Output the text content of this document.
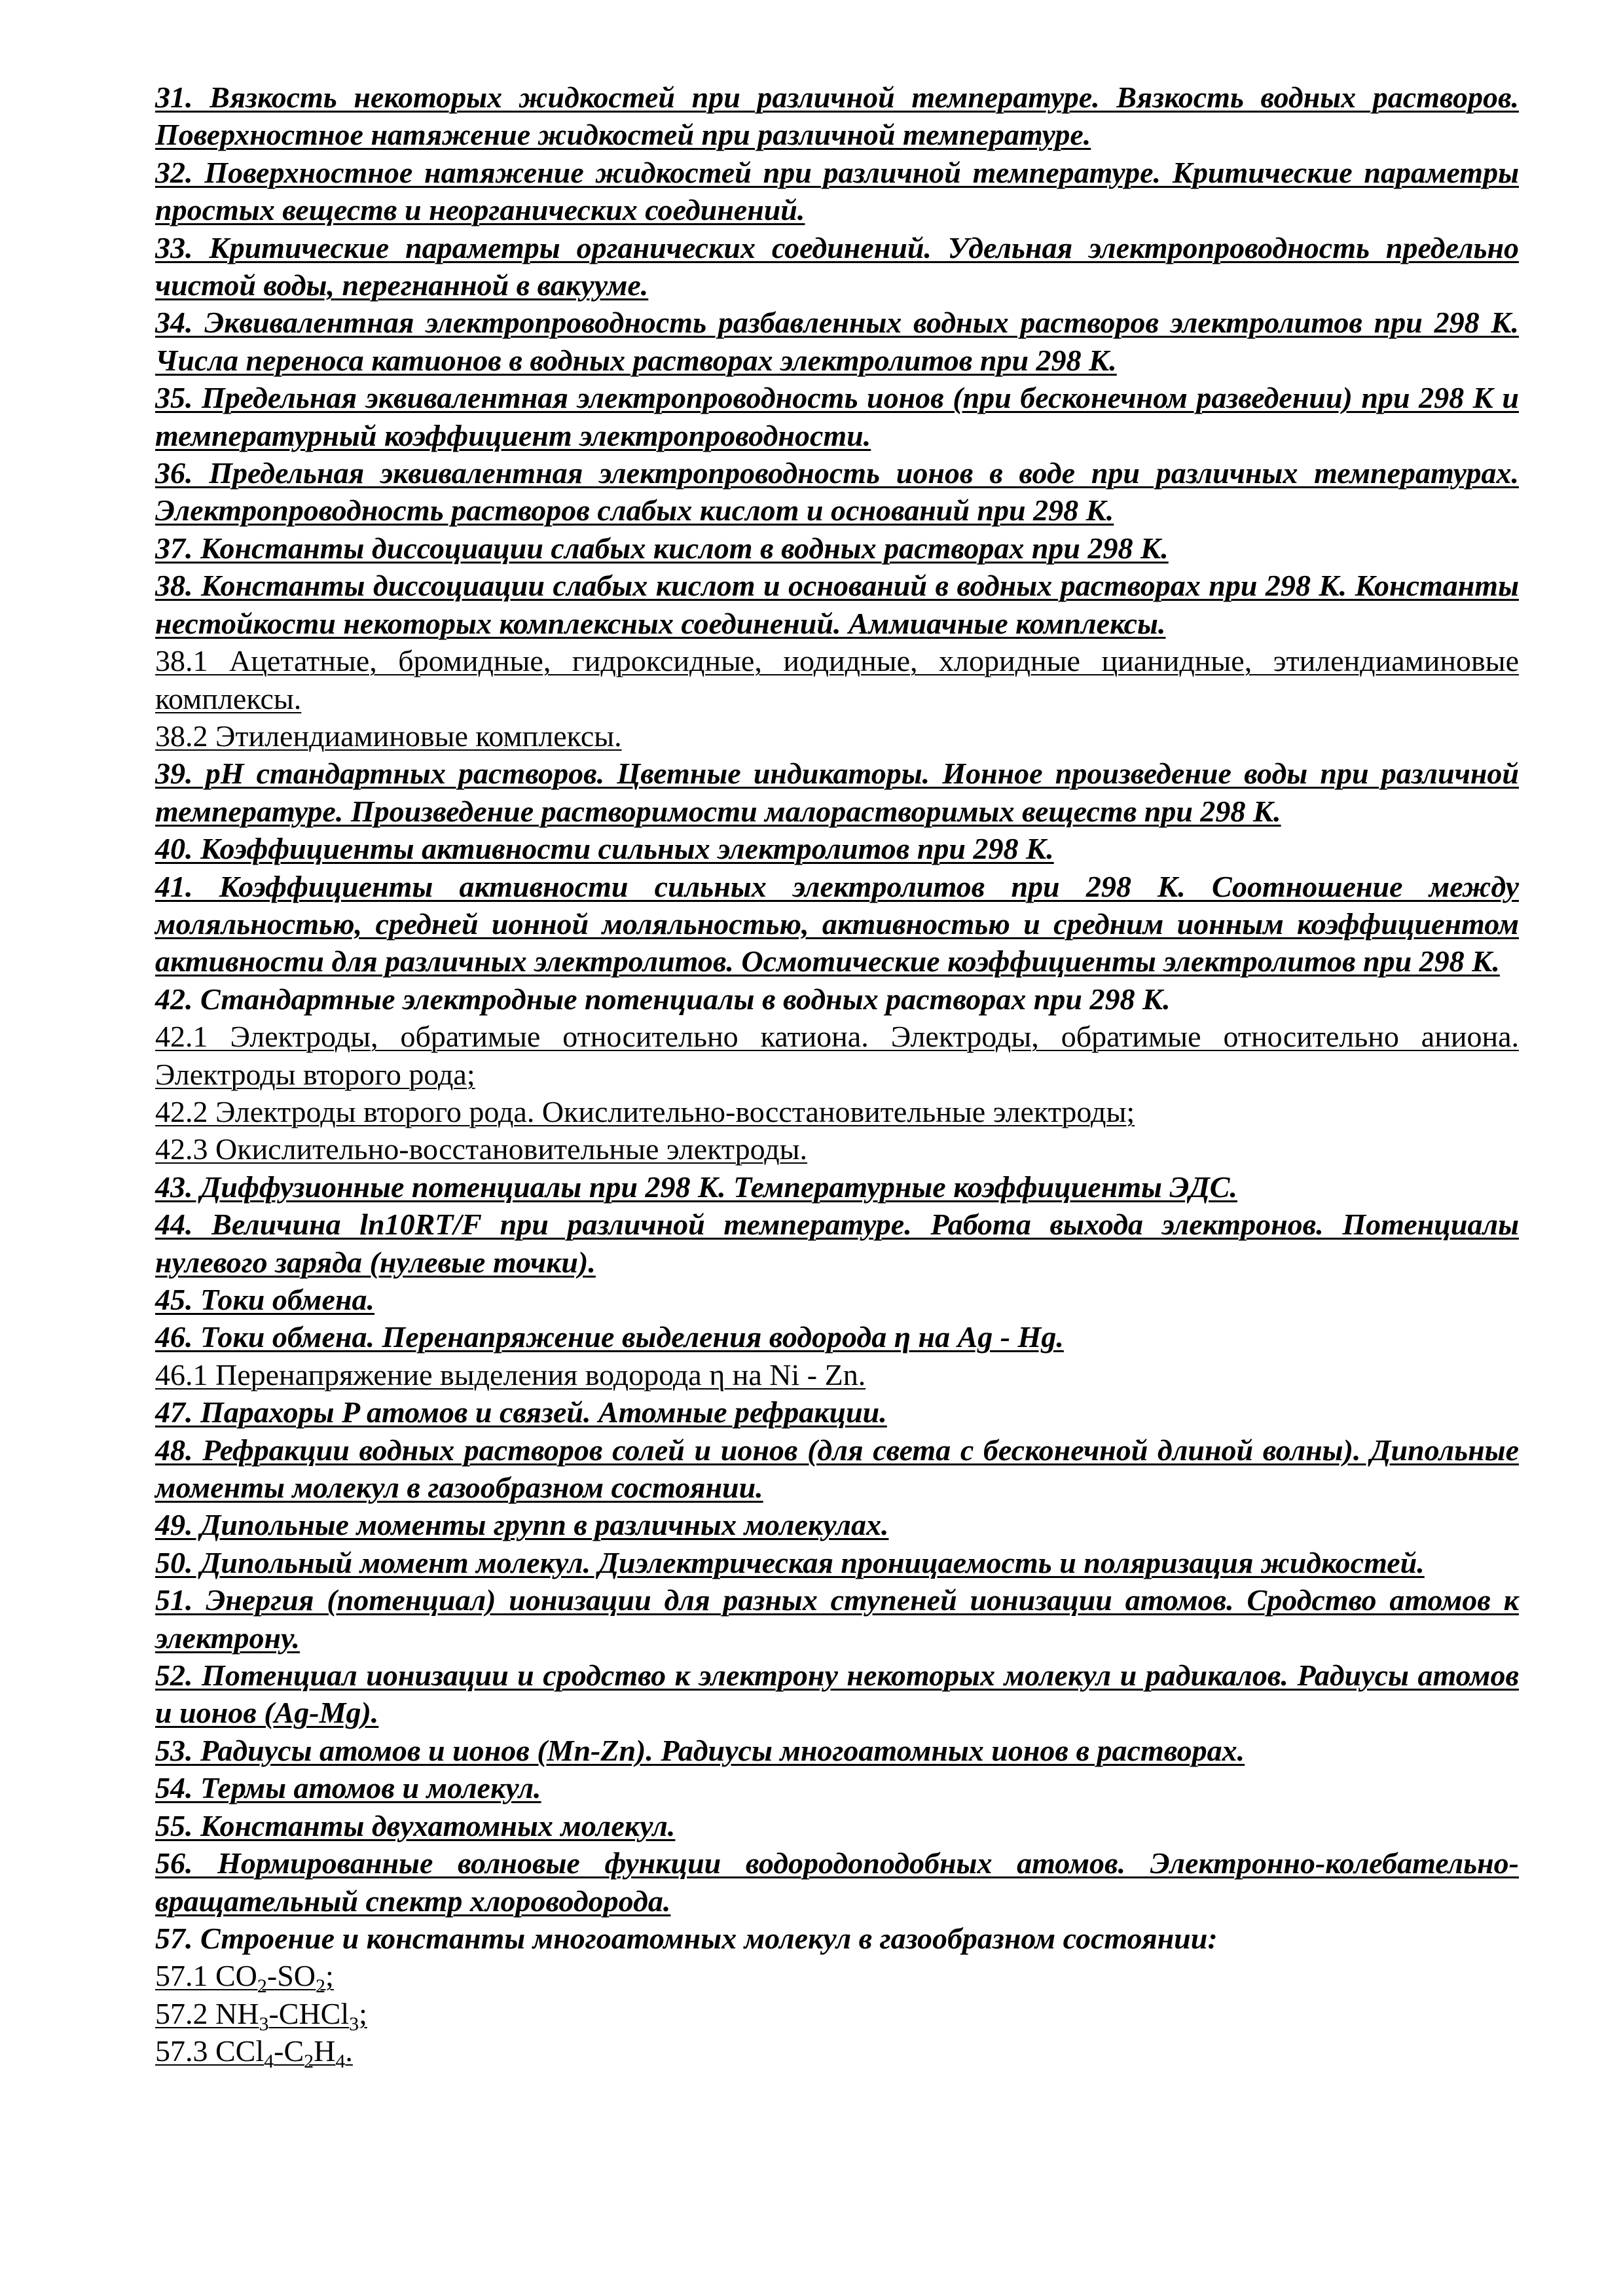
31. Вязкость некоторых жидкостей при различной температуре. Вязкость водных растворов. Поверхностное натяжение жидкостей при различной температуре.

32. Поверхностное натяжение жидкостей при различной температуре. Критические параметры простых веществ и неорганических соединений.

33. Критические параметры органических соединений. Удельная электропроводность предельно чистой воды, перегнанной в вакууме.

34. Эквивалентная электропроводность разбавленных водных растворов электролитов при 298 К. Числа переноса катионов в водных растворах электролитов при 298 К.

35. Предельная эквивалентная электропроводность ионов (при бесконечном разведении) при 298 К и температурный коэффициент электропроводности.

36. Предельная эквивалентная электропроводность ионов в воде при различных температурах. Электропроводность растворов слабых кислот и оснований при 298 К.

37. Константы диссоциации слабых кислот в водных растворах при 298 К.

38. Константы диссоциации слабых кислот и оснований в водных растворах при 298 К. Константы нестойкости некоторых комплексных соединений. Аммиачные комплексы.

38.1 Ацетатные, бромидные, гидроксидные, иодидные, хлоридные цианидные, этилендиаминовые комплексы.

38.2 Этилендиаминовые комплексы.

39. pH стандартных растворов. Цветные индикаторы. Ионное произведение воды при различной температуре. Произведение растворимости малорастворимых веществ при 298 К.

40. Коэффициенты активности сильных электролитов при 298 К.

41. Коэффициенты активности сильных электролитов при 298 К. Соотношение между моляльностью, средней ионной моляльностью, активностью и средним ионным коэффициентом активности для различных электролитов. Осмотические коэффициенты электролитов при 298 К.

42. Стандартные электродные потенциалы в водных растворах при 298 К.

42.1 Электроды, обратимые относительно катиона. Электроды, обратимые относительно аниона. Электроды второго рода;

42.2 Электроды второго рода. Окислительно-восстановительные электроды;

42.3 Окислительно-восстановительные электроды.

43. Диффузионные потенциалы при 298 К. Температурные коэффициенты ЭДС.

44. Величина ln10RT/F при различной температуре. Работа выхода электронов. Потенциалы нулевого заряда (нулевые точки).

45. Токи обмена.

46. Токи обмена. Перенапряжение выделения водорода η на Ag - Hg.

46.1 Перенапряжение выделения водорода η на Ni - Zn.

47. Парахоры P атомов и связей. Атомные рефракции.

48. Рефракции водных растворов солей и ионов (для света с бесконечной длиной волны). Дипольные моменты молекул в газообразном состоянии.

49. Дипольные моменты групп в различных молекулах.

50. Дипольный момент молекул. Диэлектрическая проницаемость и поляризация жидкостей.

51. Энергия (потенциал) ионизации для разных ступеней ионизации атомов. Сродство атомов к электрону.

52. Потенциал ионизации и сродство к электрону некоторых молекул и радикалов. Радиусы атомов и ионов (Ag-Mg).

53. Радиусы атомов и ионов (Mn-Zn). Радиусы многоатомных ионов в растворах.

54. Термы атомов и молекул.

55. Константы двухатомных молекул.

56. Нормированные волновые функции водородоподобных атомов. Электронно-колебательно-вращательный спектр хлороводорода.

57. Строение и константы многоатомных молекул в газообразном состоянии:

57.1 $CO_2-SO_2$;

57.2 $NH_3-CHCl_3$;

57.3 $CCl_4-C_2H_4$.
